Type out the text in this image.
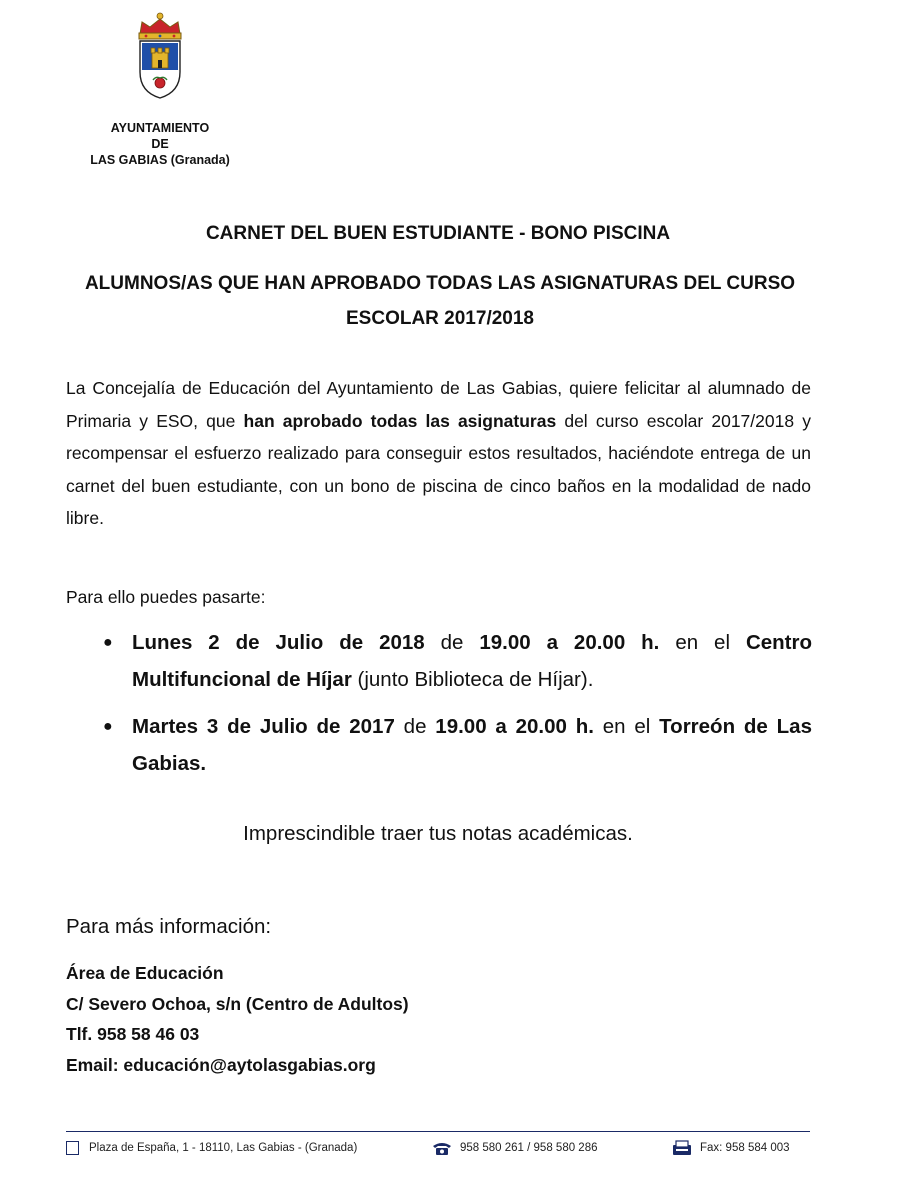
AYUNTAMIENTO
DE
LAS GABIAS (Granada)
CARNET DEL BUEN ESTUDIANTE - BONO PISCINA
ALUMNOS/AS QUE HAN APROBADO TODAS LAS ASIGNATURAS DEL CURSO ESCOLAR 2017/2018

La Concejalía de Educación del Ayuntamiento de Las Gabias, quiere felicitar al alumnado de Primaria y ESO, que han aprobado todas las asignaturas del curso escolar 2017/2018 y recompensar el esfuerzo realizado para conseguir estos resultados, haciéndote entrega de un carnet del buen estudiante, con un bono de piscina de cinco baños en la modalidad de nado libre.

Para ello puedes pasarte:
● Lunes 2 de Julio de 2018 de 19.00 a 20.00 h. en el Centro Multifuncional de Híjar (junto Biblioteca de Híjar).
● Martes 3 de Julio de 2017 de 19.00 a 20.00 h. en el Torreón de Las Gabias.
Imprescindible traer tus notas académicas.
Para más información:
Área de Educación
C/ Severo Ochoa, s/n (Centro de Adultos)
Tlf. 958 58 46 03
Email: educación@aytolasgabias.org
Plaza de España, 1 - 18110, Las Gabias - (Granada)	958 580 261 / 958 580 286	Fax: 958 584 003
